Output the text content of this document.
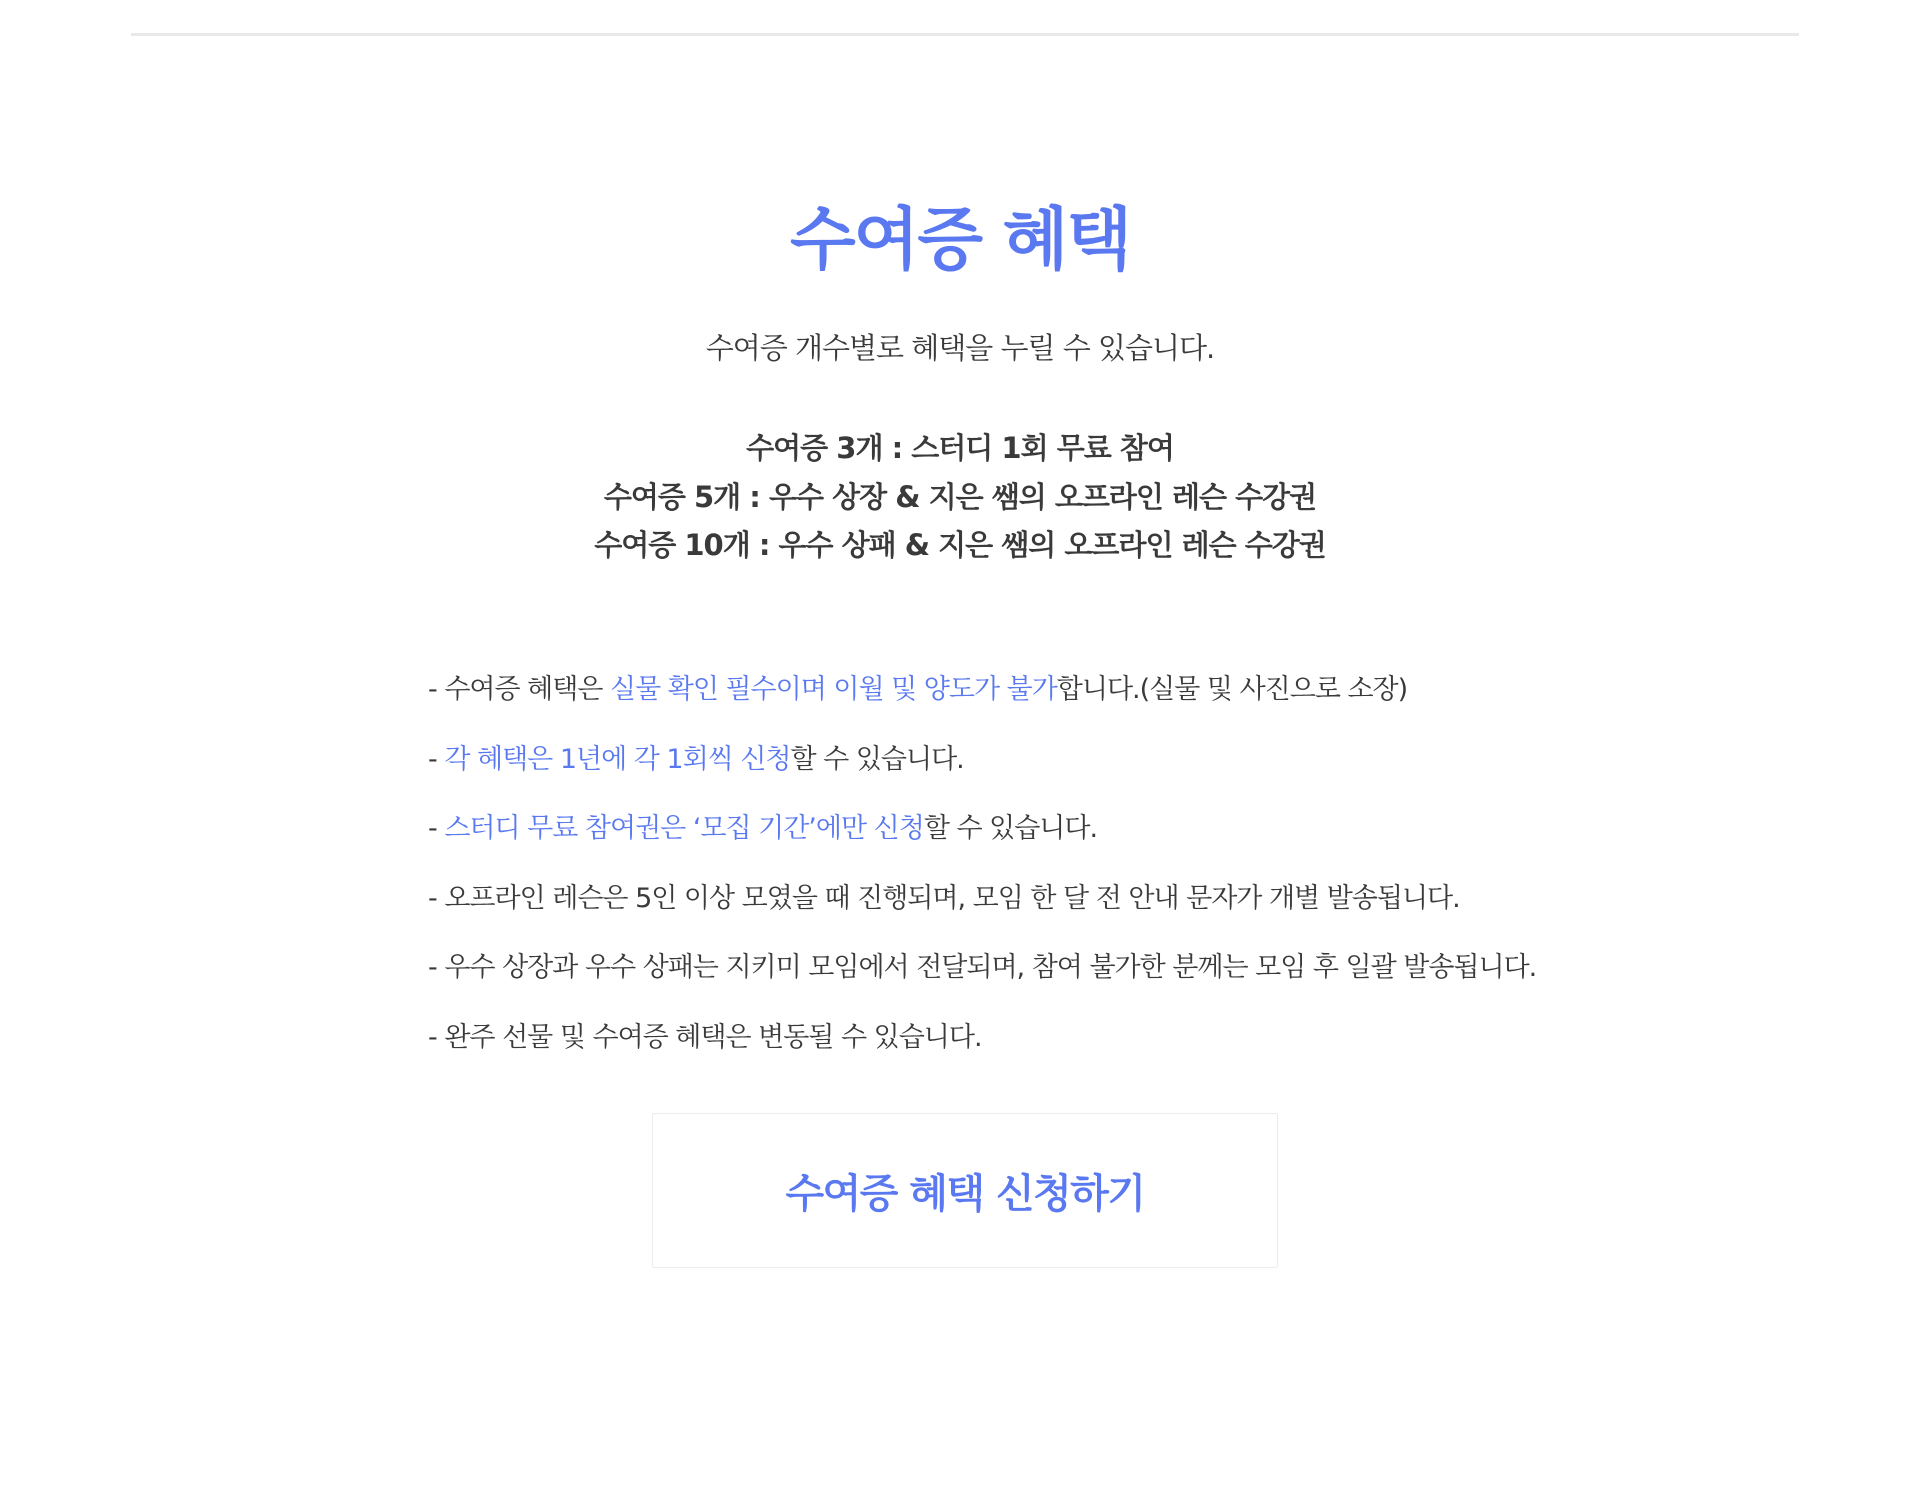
수여증 혜택

수여증 개수별로 혜택을 누릴 수 있습니다.

수여증 3개 : 스터디 1회 무료 참여
수여증 5개 : 우수 상장 & 지은 쌤의 오프라인 레슨 수강권
수여증 10개 : 우수 상패 & 지은 쌤의 오프라인 레슨 수강권
- 수여증 혜택은 실물 확인 필수이며 이월 및 양도가 불가합니다.(실물 및 사진으로 소장)
- 각 혜택은 1년에 각 1회씩 신청할 수 있습니다.
- 스터디 무료 참여권은 ‘모집 기간’에만 신청할 수 있습니다.
- 오프라인 레슨은 5인 이상 모였을 때 진행되며, 모임 한 달 전 안내 문자가 개별 발송됩니다.
- 우수 상장과 우수 상패는 지키미 모임에서 전달되며, 참여 불가한 분께는 모임 후 일괄 발송됩니다.
- 완주 선물 및 수여증 혜택은 변동될 수 있습니다.
수여증 혜택 신청하기
